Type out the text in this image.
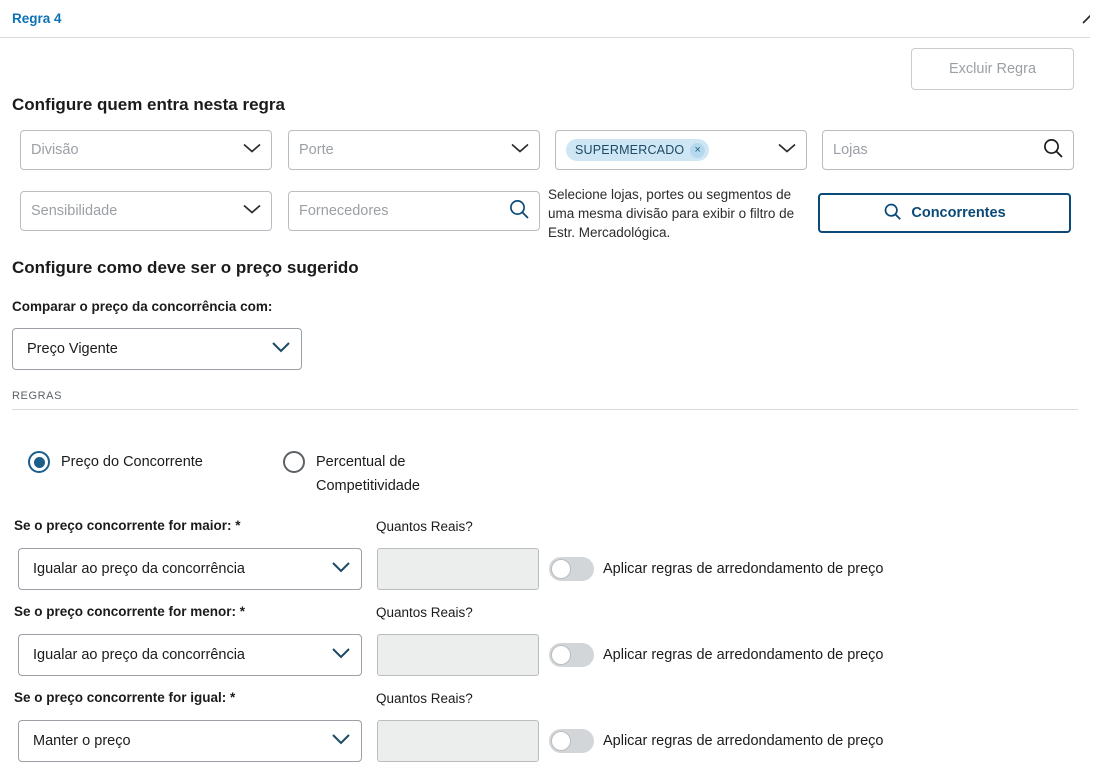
Regra 4
Excluir Regra
Configure quem entra nesta regra
Divisão	Porte	SUPERMERCADO ×	Lojas
Sensibilidade	Fornecedores
Selecione lojas, portes ou segmentos de uma mesma divisão para exibir o filtro de Estr. Mercadológica.
Concorrentes
Configure como deve ser o preço sugerido
Comparar o preço da concorrência com:
Preço Vigente
REGRAS
Preço do Concorrente	Percentual de Competitividade
Se o preço concorrente for maior: *
Igualar ao preço da concorrência
Quantos Reais?
Aplicar regras de arredondamento de preço
Se o preço concorrente for menor: *
Igualar ao preço da concorrência
Quantos Reais?
Aplicar regras de arredondamento de preço
Se o preço concorrente for igual: *
Manter o preço
Quantos Reais?
Aplicar regras de arredondamento de preço
